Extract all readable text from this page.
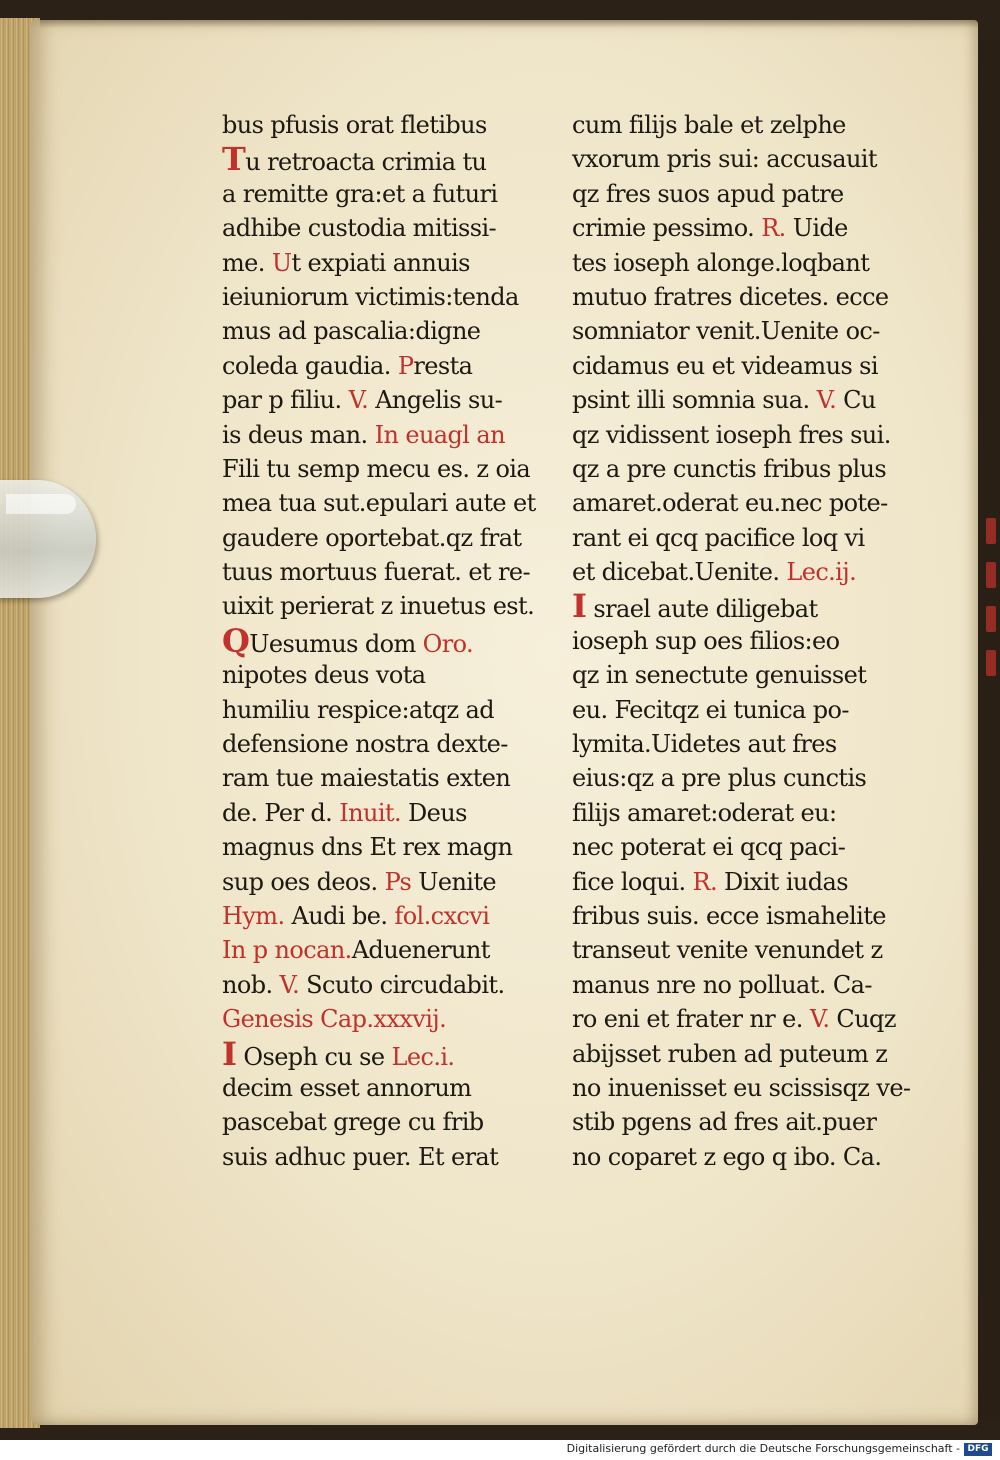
bus pfusis orat fletibus
Tu retroacta crimia tu
a remitte gra:et a futuri
adhibe custodia mitissi-
me. Ut expiati annuis
ieiuniorum victimis:tenda
mus ad pascalia:digne
coleda gaudia. Presta
par p filiu. V. Angelis su-
is deus man. In euagl an
Fili tu semp mecu es. z oia
mea tua sut.epulari aute et
gaudere oportebat.qz frat
tuus mortuus fuerat. et re-
uixit perierat z inuetus est.
QUesumus dom Oro.
nipotes deus vota
humiliu respice:atqz ad
defensione nostra dexte-
ram tue maiestatis exten
de. Per d. Inuit. Deus
magnus dns Et rex magn
sup oes deos. Ps Uenite
Hym. Audi be. fol.cxcvi
In p nocan.Aduenerunt
nob. V. Scuto circudabit.
Genesis Cap.xxxvij.
I Oseph cu se Lec.i.
decim esset annorum
pascebat grege cu frib
suis adhuc puer. Et erat
cum filijs bale et zelphe
vxorum pris sui: accusauit
qz fres suos apud patre
crimie pessimo. R. Uide
tes ioseph alonge.loqbant
mutuo fratres dicetes. ecce
somniator venit.Uenite oc-
cidamus eu et videamus si
psint illi somnia sua. V. Cu
qz vidissent ioseph fres sui.
qz a pre cunctis fribus plus
amaret.oderat eu.nec pote-
rant ei qcq pacifice loq vi
et dicebat.Uenite. Lec.ij.
I srael aute diligebat
ioseph sup oes filios:eo
qz in senectute genuisset
eu. Fecitqz ei tunica po-
lymita.Uidetes aut fres
eius:qz a pre plus cunctis
filijs amaret:oderat eu:
nec poterat ei qcq paci-
fice loqui. R. Dixit iudas
fribus suis. ecce ismahelite
transeut venite venundet z
manus nre no polluat. Ca-
ro eni et frater nr e. V. Cuqz
abijsset ruben ad puteum z
no inuenisset eu scissisqz ve-
stib pgens ad fres ait.puer
no coparet z ego q ibo. Ca.
Digitalisierung gefördert durch die Deutsche Forschungsgemeinschaft - DFG
